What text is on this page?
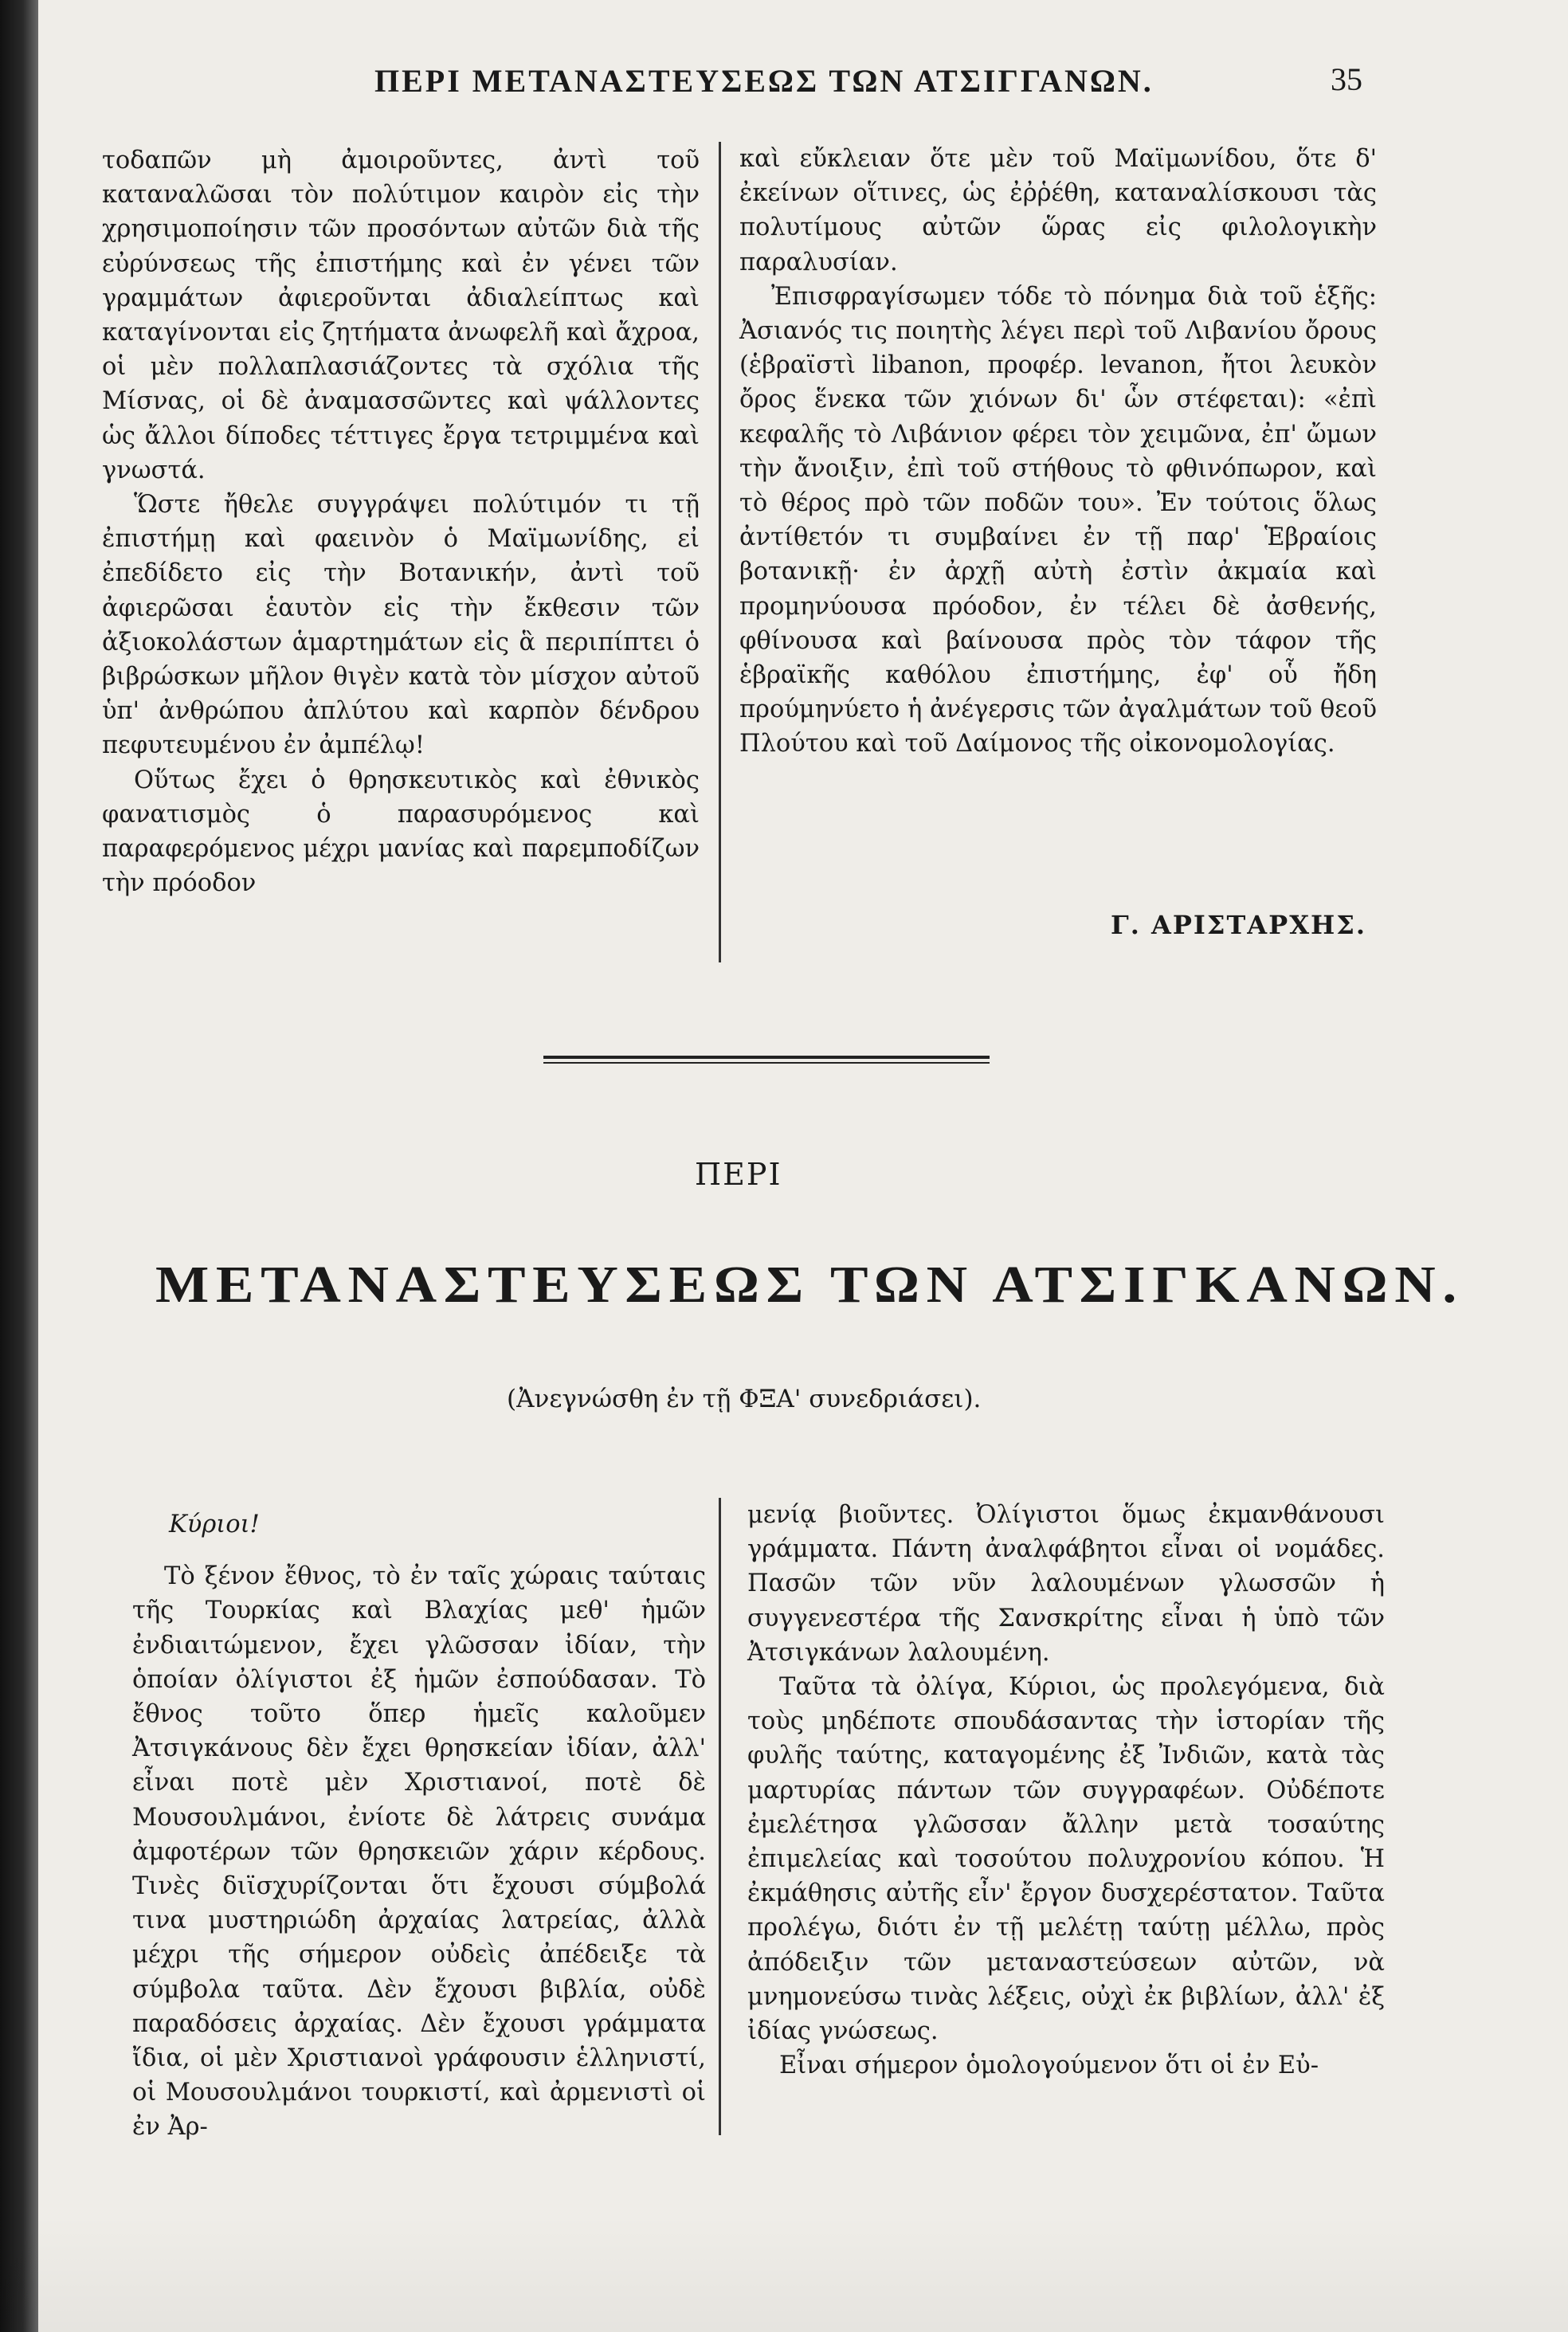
ΠΕΡΙ ΜΕΤΑΝΑΣΤΕΥΣΕΩΣ ΤΩΝ ΑΤΣΙΓΓΑΝΩΝ.	35

τοδαπῶν μὴ ἀμοιροῦντες, ἀντὶ τοῦ καταναλῶσαι τὸν πολύτιμον καιρὸν εἰς τὴν χρησιμοποίησιν τῶν προσόντων αὐτῶν διὰ τῆς εὐρύνσεως τῆς ἐπιστήμης καὶ ἐν γένει τῶν γραμμάτων ἀφιεροῦνται ἀδιαλείπτως καὶ καταγίνονται εἰς ζητήματα ἀνωφελῆ καὶ ἄχροα, οἱ μὲν πολλαπλασιάζοντες τὰ σχόλια τῆς Μίσνας, οἱ δὲ ἀναμασσῶντες καὶ ψάλλοντες ὡς ἄλλοι δίποδες τέττιγες ἔργα τετριμμένα καὶ γνωστά.

Ὥστε ἤθελε συγγράψει πολύτιμόν τι τῇ ἐπιστήμῃ καὶ φαεινὸν ὁ Μαϊμωνίδης, εἰ ἐπεδίδετο εἰς τὴν Βοτανικήν, ἀντὶ τοῦ ἀφιερῶσαι ἑαυτὸν εἰς τὴν ἔκθεσιν τῶν ἀξιοκολάστων ἁμαρτημάτων εἰς ἃ περιπίπτει ὁ βιβρώσκων μῆλον θιγὲν κατὰ τὸν μίσχον αὐτοῦ ὑπ' ἀνθρώπου ἀπλύτου καὶ καρπὸν δένδρου πεφυτευμένου ἐν ἀμπέλῳ!

Οὕτως ἔχει ὁ θρησκευτικὸς καὶ ἐθνικὸς φανατισμὸς ὁ παρασυρόμενος καὶ παραφερόμενος μέχρι μανίας καὶ παρεμποδίζων τὴν πρόοδον

καὶ εὔκλειαν ὅτε μὲν τοῦ Μαϊμωνίδου, ὅτε δ' ἐκείνων οἵτινες, ὡς ἐῤῥέθη, καταναλίσκουσι τὰς πολυτίμους αὐτῶν ὥρας εἰς φιλολογικὴν παραλυσίαν.

Ἐπισφραγίσωμεν τόδε τὸ πόνημα διὰ τοῦ ἑξῆς: Ἀσιανός τις ποιητὴς λέγει περὶ τοῦ Λιβανίου ὄρους (ἑβραϊστὶ libanon, προφέρ. levanon, ἤτοι λευκὸν ὄρος ἕνεκα τῶν χιόνων δι' ὧν στέφεται): «ἐπὶ κεφαλῆς τὸ Λιβάνιον φέρει τὸν χειμῶνα, ἐπ' ὤμων τὴν ἄνοιξιν, ἐπὶ τοῦ στήθους τὸ φθινόπωρον, καὶ τὸ θέρος πρὸ τῶν ποδῶν του». Ἐν τούτοις ὅλως ἀντίθετόν τι συμβαίνει ἐν τῇ παρ' Ἑβραίοις βοτανικῇ· ἐν ἀρχῇ αὐτὴ ἐστὶν ἀκμαία καὶ προμηνύουσα πρόοδον, ἐν τέλει δὲ ἀσθενής, φθίνουσα καὶ βαίνουσα πρὸς τὸν τάφον τῆς ἑβραϊκῆς καθόλου ἐπιστήμης, ἐφ' οὗ ἤδη προύμηνύετο ἡ ἀνέγερσις τῶν ἀγαλμάτων τοῦ θεοῦ Πλούτου καὶ τοῦ Δαίμονος τῆς οἰκονομολογίας.

Γ. ΑΡΙΣΤΑΡΧΗΣ.
ΠΕΡΙ
ΜΕΤΑΝΑΣΤΕΥΣΕΩΣ ΤΩΝ ΑΤΣΙΓΚΑΝΩΝ.
(Ἀνεγνώσθη ἐν τῇ ΦΞΑ' συνεδριάσει).

Κύριοι!

Τὸ ξένον ἔθνος, τὸ ἐν ταῖς χώραις ταύταις τῆς Τουρκίας καὶ Βλαχίας μεθ' ἡμῶν ἐνδιαιτώμενον, ἔχει γλῶσσαν ἰδίαν, τὴν ὁποίαν ὀλίγιστοι ἐξ ἡμῶν ἐσπούδασαν. Τὸ ἔθνος τοῦτο ὅπερ ἡμεῖς καλοῦμεν Ἀτσιγκάνους δὲν ἔχει θρησκείαν ἰδίαν, ἀλλ' εἶναι ποτὲ μὲν Χριστιανοί, ποτὲ δὲ Μουσουλμάνοι, ἐνίοτε δὲ λάτρεις συνάμα ἀμφοτέρων τῶν θρησκειῶν χάριν κέρδους. Τινὲς διϊσχυρίζονται ὅτι ἔχουσι σύμβολά τινα μυστηριώδη ἀρχαίας λατρείας, ἀλλὰ μέχρι τῆς σήμερον οὐδεὶς ἀπέδειξε τὰ σύμβολα ταῦτα. Δὲν ἔχουσι βιβλία, οὐδὲ παραδόσεις ἀρχαίας. Δὲν ἔχουσι γράμματα ἴδια, οἱ μὲν Χριστιανοὶ γράφουσιν ἑλληνιστί, οἱ Μουσουλμάνοι τουρκιστί, καὶ ἀρμενιστὶ οἱ ἐν Ἀρ-

μενίᾳ βιοῦντες. Ὀλίγιστοι ὅμως ἐκμανθάνουσι γράμματα. Πάντη ἀναλφάβητοι εἶναι οἱ νομάδες. Πασῶν τῶν νῦν λαλουμένων γλωσσῶν ἡ συγγενεστέρα τῆς Σανσκρίτης εἶναι ἡ ὑπὸ τῶν Ἀτσιγκάνων λαλουμένη.

Ταῦτα τὰ ὀλίγα, Κύριοι, ὡς προλεγόμενα, διὰ τοὺς μηδέποτε σπουδάσαντας τὴν ἱστορίαν τῆς φυλῆς ταύτης, καταγομένης ἐξ Ἰνδιῶν, κατὰ τὰς μαρτυρίας πάντων τῶν συγγραφέων. Οὐδέποτε ἐμελέτησα γλῶσσαν ἄλλην μετὰ τοσαύτης ἐπιμελείας καὶ τοσούτου πολυχρονίου κόπου. Ἡ ἐκμάθησις αὐτῆς εἶν' ἔργον δυσχερέστατον. Ταῦτα προλέγω, διότι ἐν τῇ μελέτῃ ταύτῃ μέλλω, πρὸς ἀπόδειξιν τῶν μεταναστεύσεων αὐτῶν, νὰ μνημονεύσω τινὰς λέξεις, οὐχὶ ἐκ βιβλίων, ἀλλ' ἐξ ἰδίας γνώσεως.

Εἶναι σήμερον ὁμολογούμενον ὅτι οἱ ἐν Εὐ-
